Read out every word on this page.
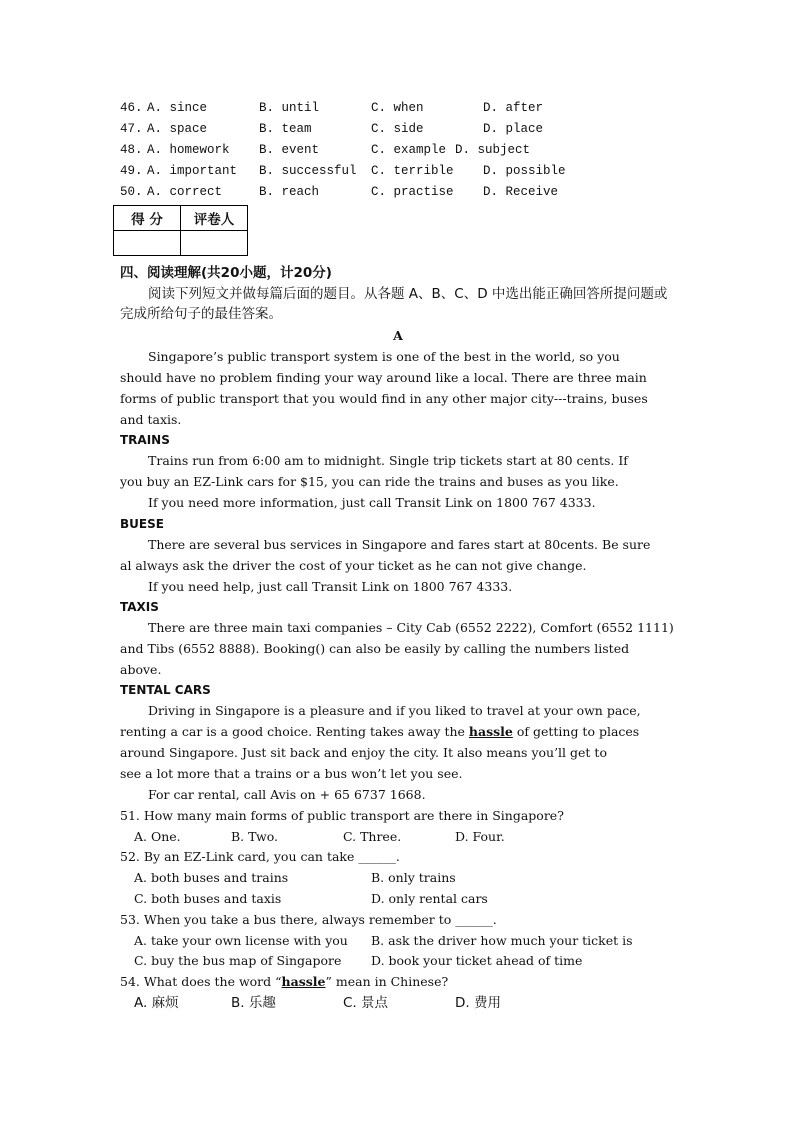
46. A. since	B. until	C. when	D. after
47. A. space	B. team	C. side	D. place
48. A. homework B. event	C. example D. subject
49. A. important B. successful C. terrible D. possible
50. A. correct	B. reach	C. practise D. Receive
得 分	评卷人

四、阅读理解(共20小题，计20分)
阅读下列短文并做每篇后面的题目。从各题 A、B、C、D 中选出能正确回答所提问题或
完成所给句子的最佳答案。
A
Singapore’s public transport system is one of the best in the world, so you
should have no problem finding your way around like a local. There are three main
forms of public transport that you would find in any other major city---trains, buses
and taxis.
TRAINS
Trains run from 6:00 am to midnight. Single trip tickets start at 80 cents. If
you buy an EZ-Link cars for $15, you can ride the trains and buses as you like.
If you need more information, just call Transit Link on 1800 767 4333.
BUESE
There are several bus services in Singapore and fares start at 80cents. Be sure
al always ask the driver the cost of your ticket as he can not give change.
If you need help, just call Transit Link on 1800 767 4333.
TAXIS
There are three main taxi companies – City Cab (6552 2222), Comfort (6552 1111)
and Tibs (6552 8888). Booking() can also be easily by calling the numbers listed
above.
TENTAL CARS
Driving in Singapore is a pleasure and if you liked to travel at your own pace,
renting a car is a good choice. Renting takes away the hassle of getting to places
around Singapore. Just sit back and enjoy the city. It also means you’ll get to
see a lot more that a trains or a bus won’t let you see.
For car rental, call Avis on + 65 6737 1668.
51. How many main forms of public transport are there in Singapore?
A. One.	B. Two.	C. Three.	D. Four.
52. By an EZ-Link card, you can take ______.
A. both buses and trains	B. only trains
C. both buses and taxis	D. only rental cars
53. When you take a bus there, always remember to ______.
A. take your own license with you B. ask the driver how much your ticket is
C. buy the bus map of Singapore D. book your ticket ahead of time
54. What does the word “hassle” mean in Chinese?
A. 麻烦	B. 乐趣	C. 景点	D. 费用
